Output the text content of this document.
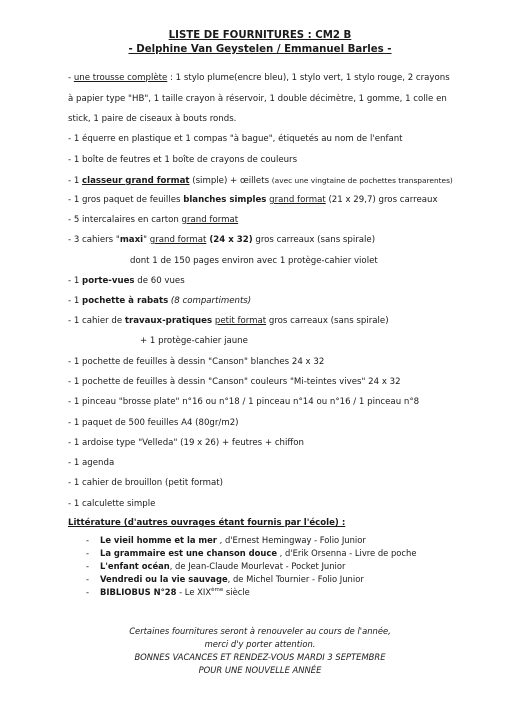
LISTE DE FOURNITURES : CM2 B
- Delphine Van Geystelen / Emmanuel Barles -
- une trousse complète : 1 stylo plume(encre bleu), 1 stylo vert, 1 stylo rouge, 2 crayons
à papier type "HB", 1 taille crayon à réservoir, 1 double décimètre, 1 gomme, 1 colle en
stick, 1 paire de ciseaux à bouts ronds.
- 1 équerre en plastique et 1 compas "à bague", étiquetés au nom de l'enfant
- 1 boîte de feutres et 1 boîte de crayons de couleurs
- 1 classeur grand format (simple) + œillets (avec une vingtaine de pochettes transparentes)
- 1 gros paquet de feuilles blanches simples grand format (21 x 29,7) gros carreaux
- 5 intercalaires en carton grand format
- 3 cahiers "maxi" grand format (24 x 32) gros carreaux (sans spirale)
dont 1 de 150 pages environ avec 1 protège-cahier violet
- 1 porte-vues de 60 vues
- 1 pochette à rabats (8 compartiments)
- 1 cahier de travaux-pratiques petit format gros carreaux (sans spirale)
+ 1 protège-cahier jaune
- 1 pochette de feuilles à dessin "Canson" blanches 24 x 32
- 1 pochette de feuilles à dessin "Canson" couleurs "Mi-teintes vives" 24 x 32
- 1 pinceau "brosse plate" n°16 ou n°18 / 1 pinceau n°14 ou n°16 / 1 pinceau n°8
- 1 paquet de 500 feuilles A4 (80gr/m2)
- 1 ardoise type "Velleda" (19 x 26) + feutres + chiffon
- 1 agenda
- 1 cahier de brouillon (petit format)
- 1 calculette simple
Littérature (d'autres ouvrages étant fournis par l'école) :
- Le vieil homme et la mer , d'Ernest Hemingway - Folio Junior
- La grammaire est une chanson douce , d'Erik Orsenna - Livre de poche
- L'enfant océan, de Jean-Claude Mourlevat - Pocket Junior
- Vendredi ou la vie sauvage, de Michel Tournier - Folio Junior
- BIBLIOBUS N°28 - Le XIXème siècle
Certaines fournitures seront à renouveler au cours de l'année,
merci d'y porter attention.
BONNES VACANCES ET RENDEZ-VOUS MARDI 3 SEPTEMBRE
POUR UNE NOUVELLE ANNÉE
